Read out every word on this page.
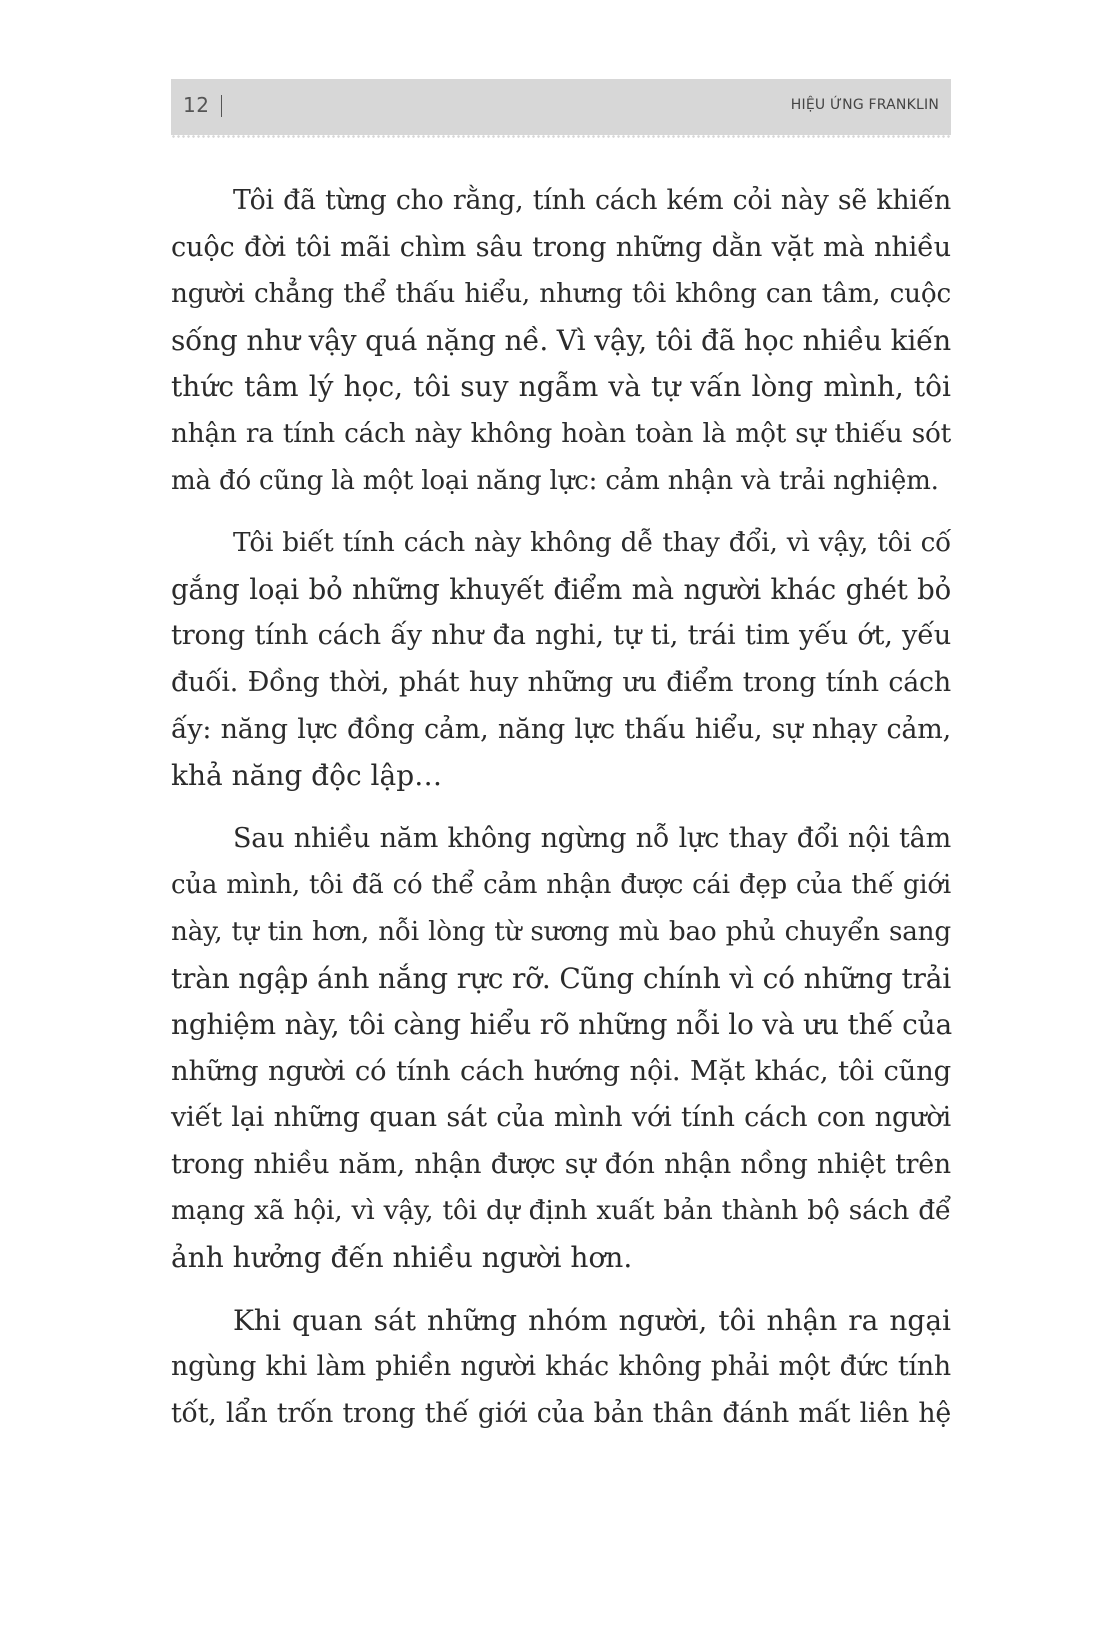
12	HIỆU ỨNG FRANKLIN

Tôi đã từng cho rằng, tính cách kém cỏi này sẽ khiến
cuộc đời tôi mãi chìm sâu trong những dằn vặt mà nhiều
người chẳng thể thấu hiểu, nhưng tôi không can tâm, cuộc
sống như vậy quá nặng nề. Vì vậy, tôi đã học nhiều kiến
thức tâm lý học, tôi suy ngẫm và tự vấn lòng mình, tôi
nhận ra tính cách này không hoàn toàn là một sự thiếu sót
mà đó cũng là một loại năng lực: cảm nhận và trải nghiệm.

Tôi biết tính cách này không dễ thay đổi, vì vậy, tôi cố
gắng loại bỏ những khuyết điểm mà người khác ghét bỏ
trong tính cách ấy như đa nghi, tự ti, trái tim yếu ớt, yếu
đuối. Đồng thời, phát huy những ưu điểm trong tính cách
ấy: năng lực đồng cảm, năng lực thấu hiểu, sự nhạy cảm,
khả năng độc lập…

Sau nhiều năm không ngừng nỗ lực thay đổi nội tâm
của mình, tôi đã có thể cảm nhận được cái đẹp của thế giới
này, tự tin hơn, nỗi lòng từ sương mù bao phủ chuyển sang
tràn ngập ánh nắng rực rỡ. Cũng chính vì có những trải
nghiệm này, tôi càng hiểu rõ những nỗi lo và ưu thế của
những người có tính cách hướng nội. Mặt khác, tôi cũng
viết lại những quan sát của mình với tính cách con người
trong nhiều năm, nhận được sự đón nhận nồng nhiệt trên
mạng xã hội, vì vậy, tôi dự định xuất bản thành bộ sách để
ảnh hưởng đến nhiều người hơn.

Khi quan sát những nhóm người, tôi nhận ra ngại
ngùng khi làm phiền người khác không phải một đức tính
tốt, lẩn trốn trong thế giới của bản thân đánh mất liên hệ
